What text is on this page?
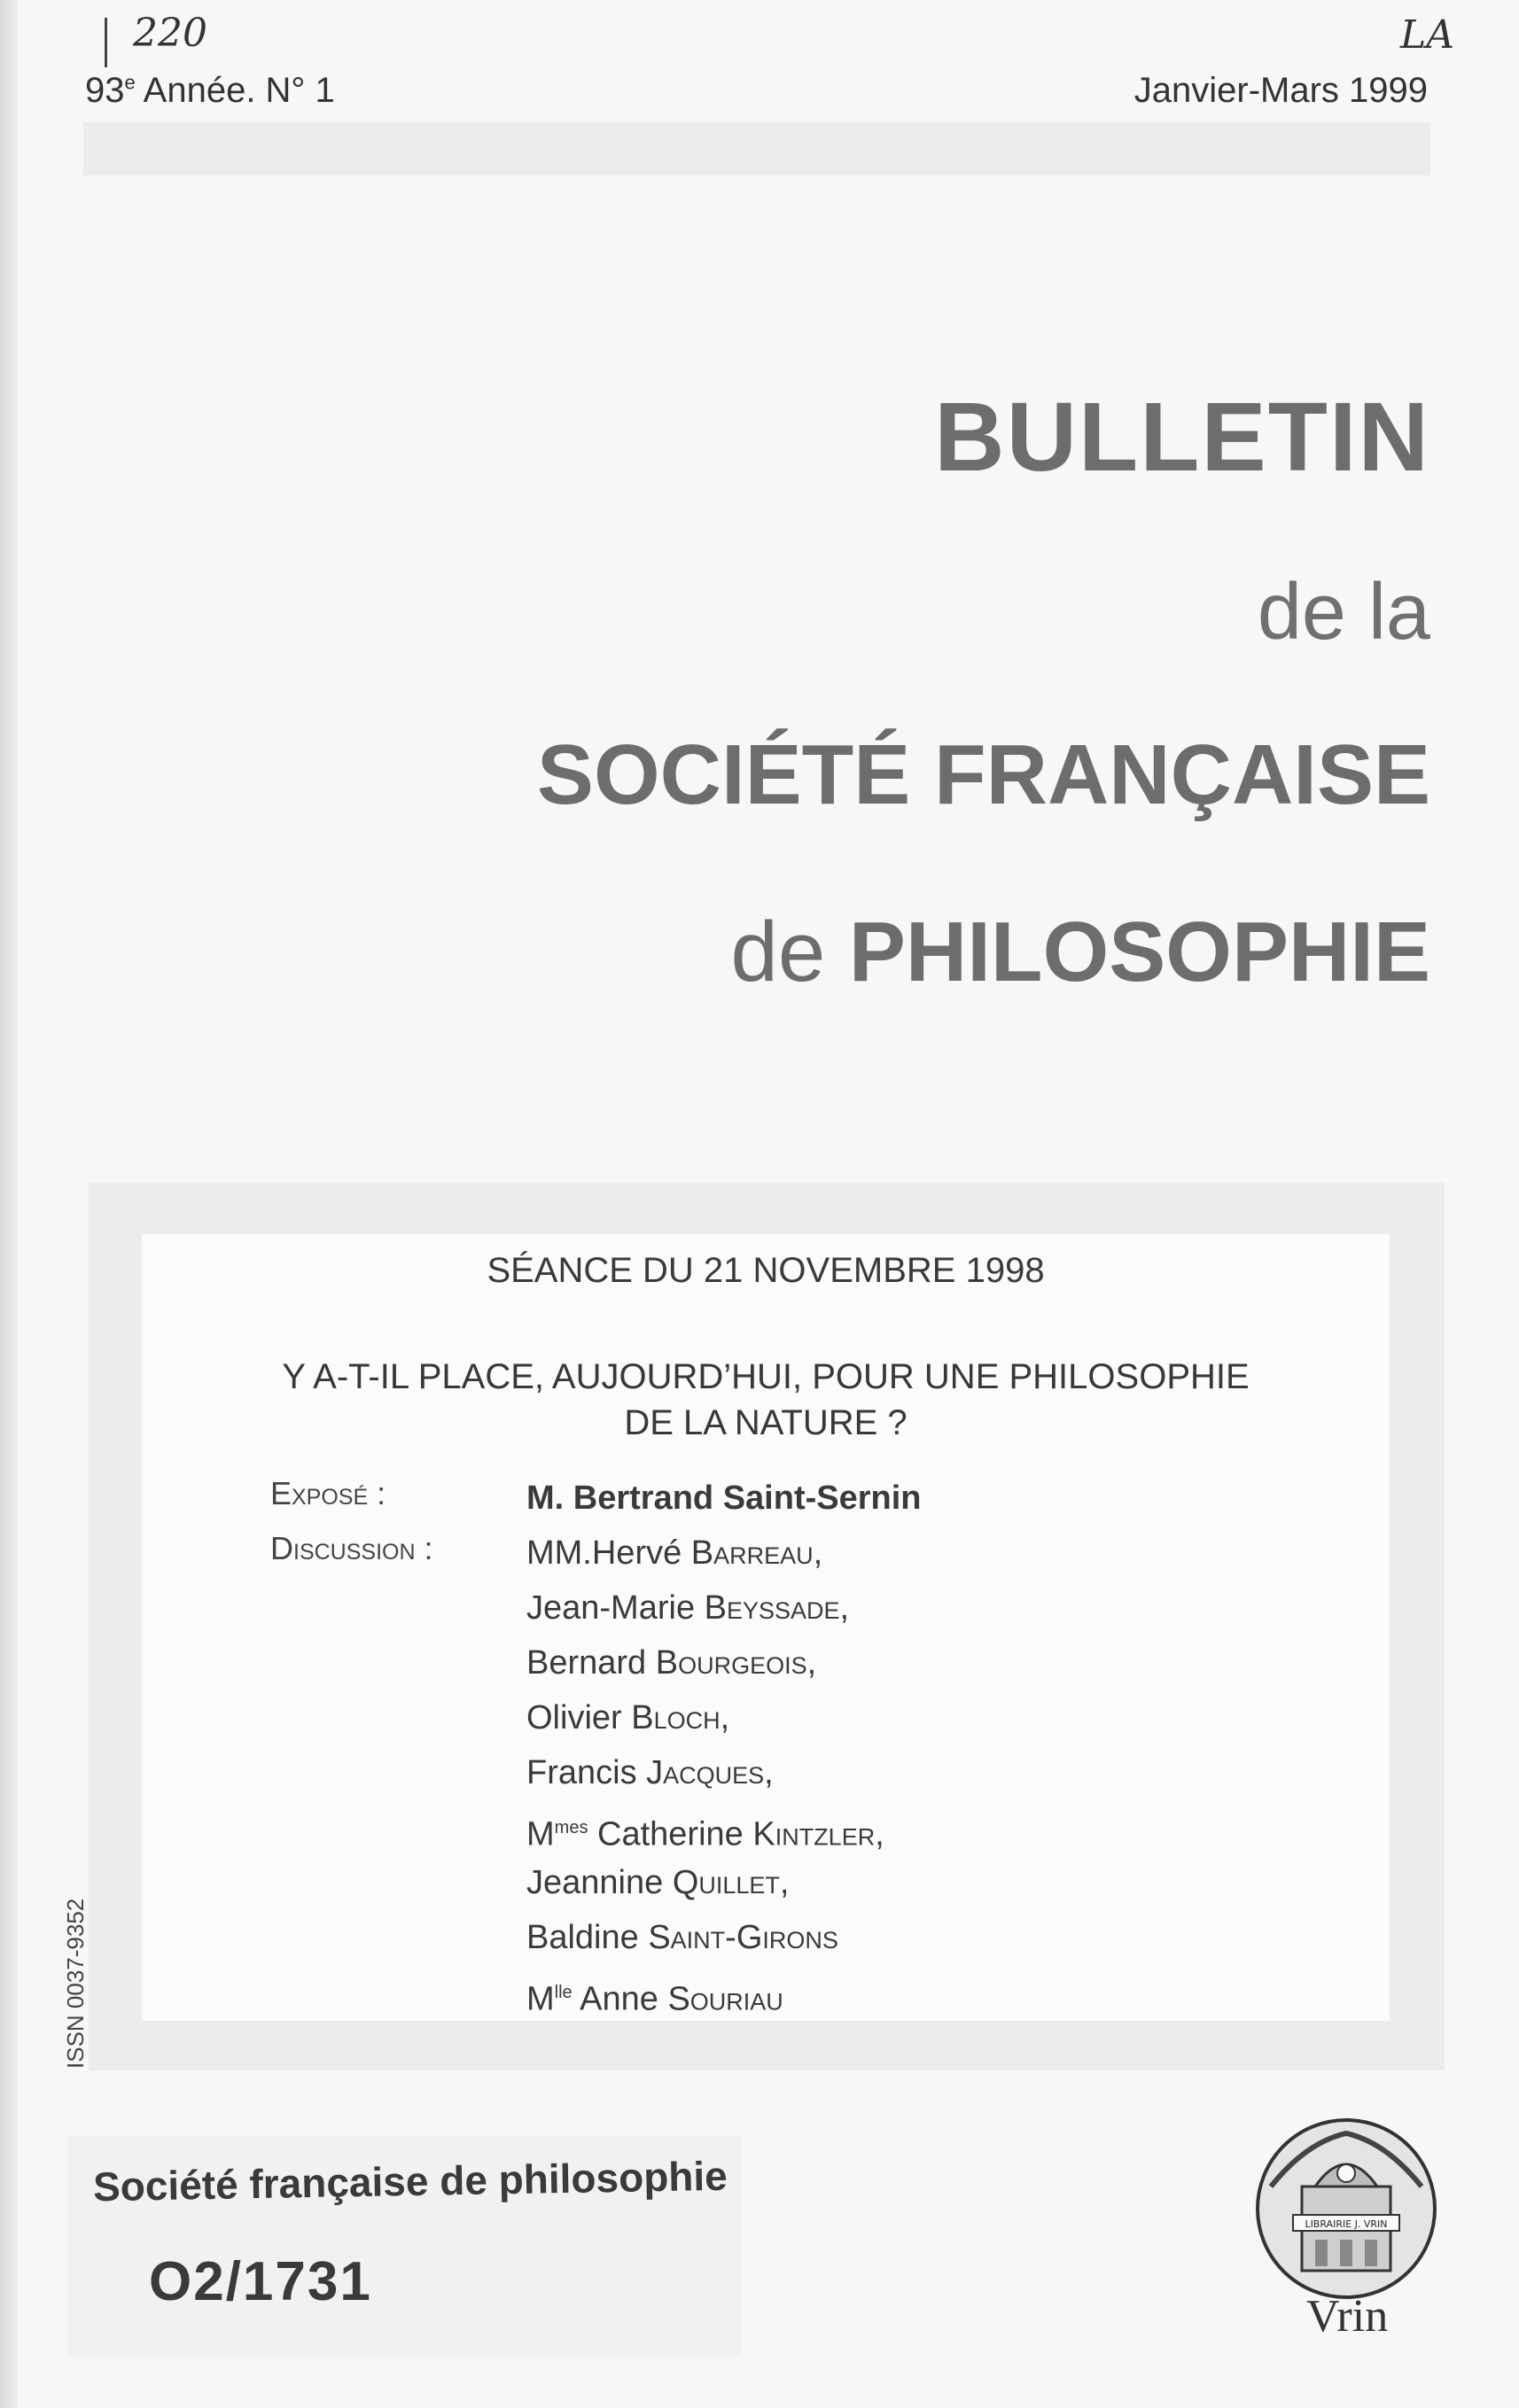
220	LA
93e Année. N° 1	Janvier-Mars 1999
BULLETIN
de la
SOCIÉTÉ FRANÇAISE
de PHILOSOPHIE
SÉANCE DU 21 NOVEMBRE 1998
Y A-T-IL PLACE, AUJOURD’HUI, POUR UNE PHILOSOPHIE
DE LA NATURE ?
Exposé :
Discussion :
M. Bertrand Saint-Sernin
MM.Hervé Barreau,
Jean-Marie Beyssade,
Bernard Bourgeois,
Olivier Bloch,
Francis Jacques,
$M^{mes}$ Catherine Kintzler,
Jeannine Quillet,
Baldine Saint-Girons
$M^{lle}$ Anne Souriau
ISSN 0037-9352
Société française de philosophie
O2/1731
LIBRAIRIE J. VRIN
Vrin
